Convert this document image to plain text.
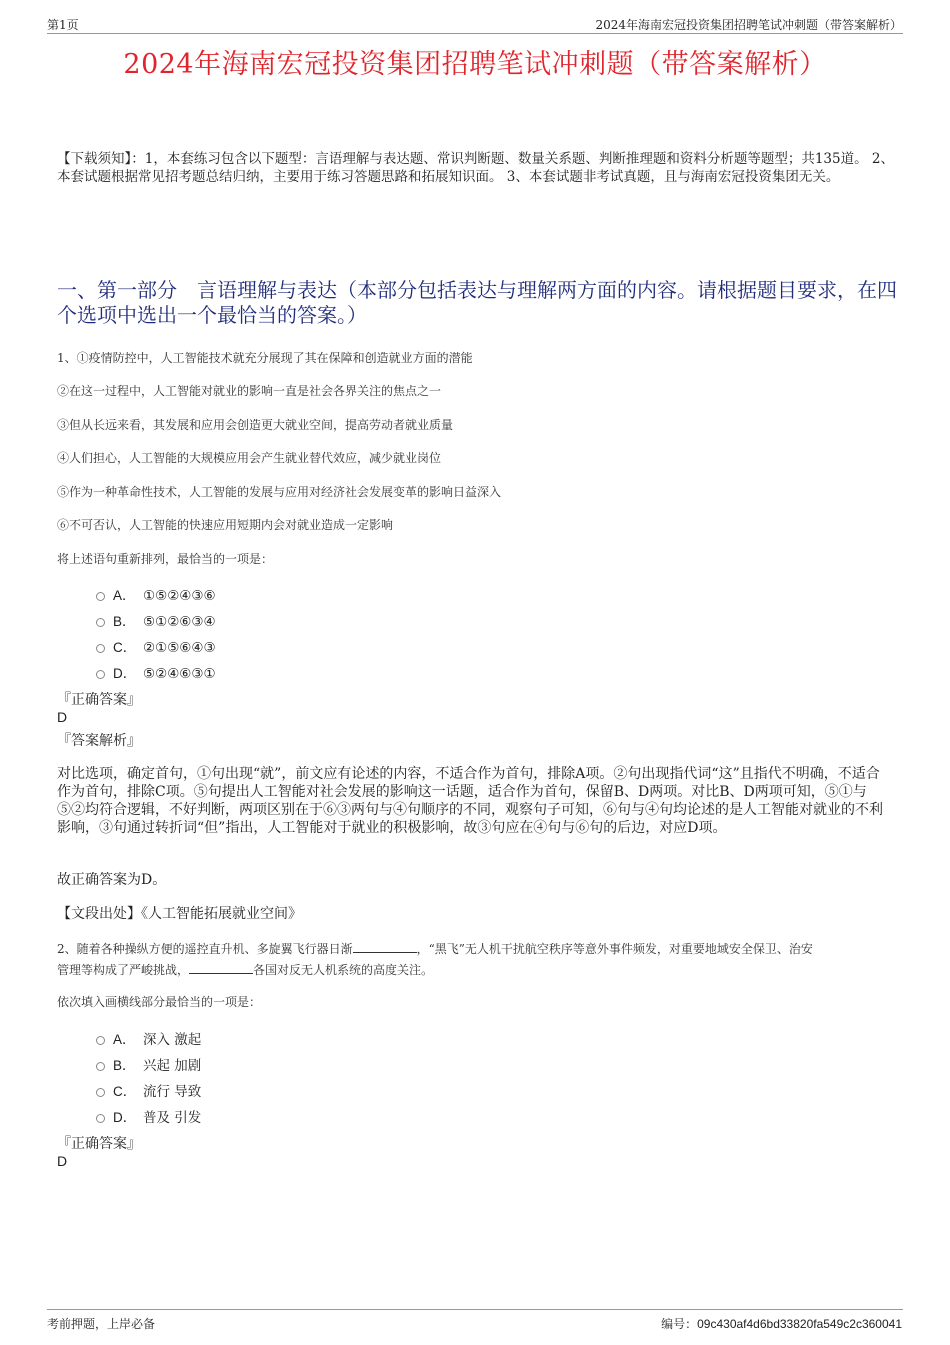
第1页	2024年海南宏冠投资集团招聘笔试冲刺题（带答案解析）
2024年海南宏冠投资集团招聘笔试冲刺题（带答案解析）
【下载须知】：1，本套练习包含以下题型：言语理解与表达题、常识判断题、数量关系题、判断推理题和资料分析题等题型；共135道。 2、本套试题根据常见招考题总结归纳，主要用于练习答题思路和拓展知识面。 3、本套试题非考试真题，且与海南宏冠投资集团无关。
一、第一部分　言语理解与表达（本部分包括表达与理解两方面的内容。请根据题目要求，在四个选项中选出一个最恰当的答案。）
1、①疫情防控中，人工智能技术就充分展现了其在保障和创造就业方面的潜能
②在这一过程中，人工智能对就业的影响一直是社会各界关注的焦点之一
③但从长远来看，其发展和应用会创造更大就业空间，提高劳动者就业质量
④人们担心，人工智能的大规模应用会产生就业替代效应，减少就业岗位
⑤作为一种革命性技术，人工智能的发展与应用对经济社会发展变革的影响日益深入
⑥不可否认，人工智能的快速应用短期内会对就业造成一定影响
将上述语句重新排列，最恰当的一项是：
A． ①⑤②④③⑥
B． ⑤①②⑥③④
C． ②①⑤⑥④③
D． ⑤②④⑥③①
『正确答案』
D
『答案解析』
对比选项，确定首句，①句出现“就”，前文应有论述的内容，不适合作为首句，排除A项。②句出现指代词“这”且指代不明确，不适合作为首句，排除C项。⑤句提出人工智能对社会发展的影响这一话题，适合作为首句，保留B、D两项。对比B、D两项可知，⑤①与⑤②均符合逻辑，不好判断，两项区别在于⑥③两句与④句顺序的不同，观察句子可知，⑥句与④句均论述的是人工智能对就业的不利影响，③句通过转折词“但”指出，人工智能对于就业的积极影响，故③句应在④句与⑥句的后边，对应D项。
故正确答案为D。
【文段出处】《人工智能拓展就业空间》
2、随着各种操纵方便的遥控直升机、多旋翼飞行器日渐	，“黑飞”无人机干扰航空秩序等意外事件频发，对重要地域安全保卫、治安
管理等构成了严峻挑战，	各国对反无人机系统的高度关注。
依次填入画横线部分最恰当的一项是：
A． 深入 激起
B． 兴起 加剧
C． 流行 导致
D． 普及 引发
『正确答案』
D
考前押题，上岸必备	编号：09c430af4d6bd33820fa549c2c360041
